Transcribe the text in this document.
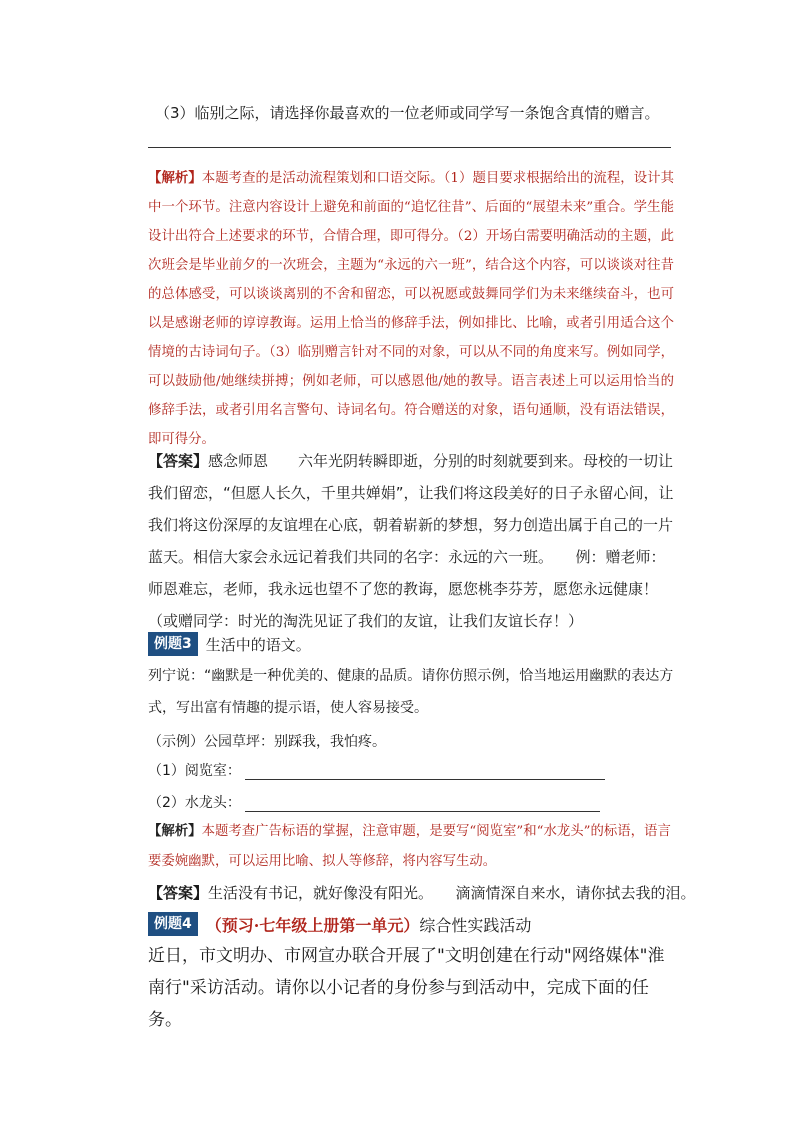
（3）临别之际，请选择你最喜欢的一位老师或同学写一条饱含真情的赠言。
【解析】本题考查的是活动流程策划和口语交际。（1）题目要求根据给出的流程，设计其中一个环节。注意内容设计上避免和前面的“追忆往昔”、后面的“展望未来”重合。学生能设计出符合上述要求的环节，合情合理，即可得分。（2）开场白需要明确活动的主题，此次班会是毕业前夕的一次班会，主题为“永远的六一班”，结合这个内容，可以谈谈对往昔的总体感受，可以谈谈离别的不舍和留恋，可以祝愿或鼓舞同学们为未来继续奋斗，也可以是感谢老师的谆谆教诲。运用上恰当的修辞手法，例如排比、比喻，或者引用适合这个情境的古诗词句子。（3）临别赠言针对不同的对象，可以从不同的角度来写。例如同学，可以鼓励他/她继续拼搏；例如老师，可以感恩他/她的教导。语言表述上可以运用恰当的修辞手法，或者引用名言警句、诗词名句。符合赠送的对象，语句通顺，没有语法错误，即可得分。
【答案】感念师恩　　六年光阴转瞬即逝，分别的时刻就要到来。母校的一切让我们留恋，“但愿人长久，千里共婵娟”，让我们将这段美好的日子永留心间，让我们将这份深厚的友谊埋在心底，朝着崭新的梦想，努力创造出属于自己的一片蓝天。相信大家会永远记着我们共同的名字：永远的六一班。　　例：赠老师：师恩难忘，老师，我永远也望不了您的教诲，愿您桃李芬芳，愿您永远健康！（或赠同学：时光的淘洗见证了我们的友谊，让我们友谊长存！）
例题3 生活中的语文。
列宁说：“幽默是一种优美的、健康的品质。请你仿照示例，恰当地运用幽默的表达方式，写出富有情趣的提示语，使人容易接受。
（示例）公园草坪：别踩我，我怕疼。
（1）阅览室：
（2）水龙头：
【解析】本题考查广告标语的掌握，注意审题，是要写“阅览室”和“水龙头”的标语，语言要委婉幽默，可以运用比喻、拟人等修辞，将内容写生动。
【答案】生活没有书记，就好像没有阳光。　　滴滴情深自来水，请你拭去我的泪。
例题4 （预习·七年级上册第一单元）综合性实践活动
近日，市文明办、市网宣办联合开展了"文明创建在行动"网络媒体"淮南行"采访活动。请你以小记者的身份参与到活动中，完成下面的任务。
